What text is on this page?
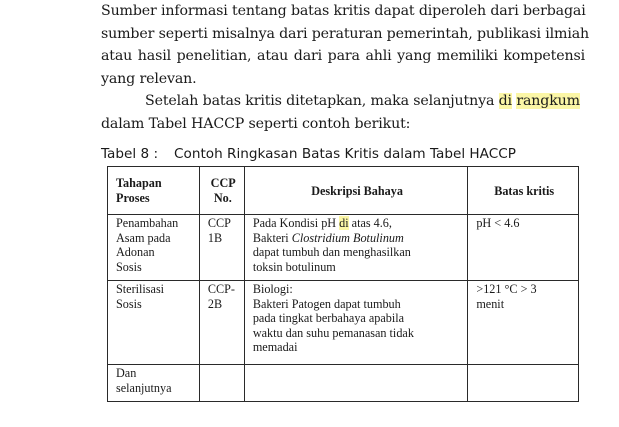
Sumber informasi tentang batas kritis dapat diperoleh dari berbagai
sumber seperti misalnya dari peraturan pemerintah, publikasi ilmiah
atau hasil penelitian, atau dari para ahli yang memiliki kompetensi
yang relevan.
Setelah batas kritis ditetapkan, maka selanjutnya di rangkum
dalam Tabel HACCP seperti contoh berikut:
Tabel 8 : Contoh Ringkasan Batas Kritis dalam Tabel HACCP
Tahapan Proses	CCP No.	Deskripsi Bahaya	Batas kritis

Penambahan
Asam pada
Adonan
Sosis	CCP
1B	Pada Kondisi pH di atas 4.6,
Bakteri Clostridium Botulinum
dapat tumbuh dan menghasilkan
toksin botulinum	pH < 4.6

Sterilisasi
Sosis	CCP-
2B	Biologi:
Bakteri Patogen dapat tumbuh
pada tingkat berbahaya apabila
waktu dan suhu pemanasan tidak
memadai	>121 °C > 3
menit

Dan
selanjutnya			
